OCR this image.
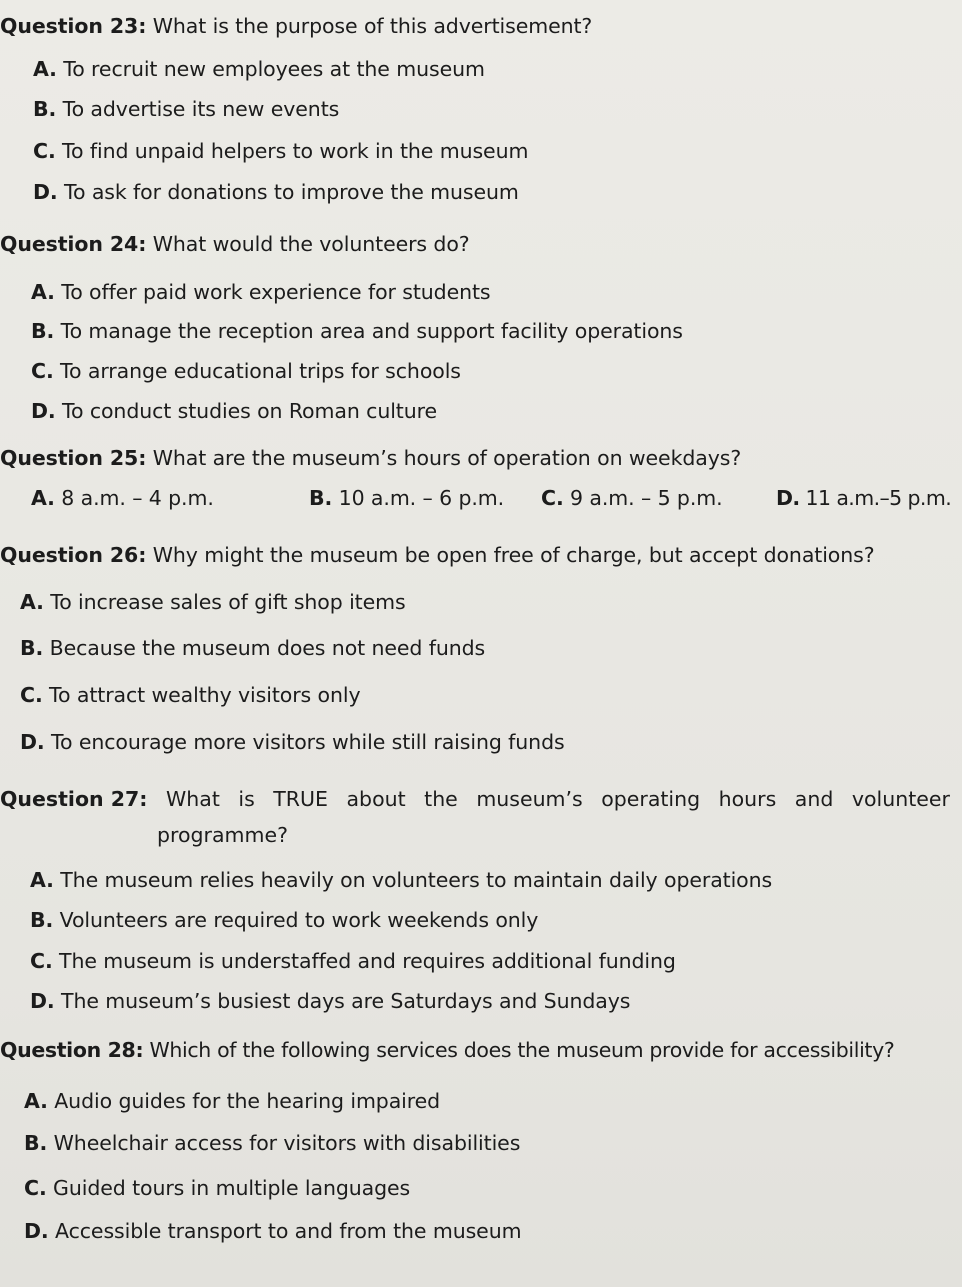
Question 23: What is the purpose of this advertisement?
A. To recruit new employees at the museum
B. To advertise its new events
C. To find unpaid helpers to work in the museum
D. To ask for donations to improve the museum
Question 24: What would the volunteers do?
A. To offer paid work experience for students
B. To manage the reception area and support facility operations
C. To arrange educational trips for schools
D. To conduct studies on Roman culture
Question 25: What are the museum’s hours of operation on weekdays?
A. 8 a.m. – 4 p.m.	B. 10 a.m. – 6 p.m. C. 9 a.m. – 5 p.m.	D. 11 a.m.–5 p.m.
Question 26: Why might the museum be open free of charge, but accept donations?
A. To increase sales of gift shop items
B. Because the museum does not need funds
C. To attract wealthy visitors only
D. To encourage more visitors while still raising funds
Question 27: What is TRUE about the museum’s operating hours and volunteer
programme?
A. The museum relies heavily on volunteers to maintain daily operations
B. Volunteers are required to work weekends only
C. The museum is understaffed and requires additional funding
D. The museum’s busiest days are Saturdays and Sundays
Question 28: Which of the following services does the museum provide for accessibility?
A. Audio guides for the hearing impaired
B. Wheelchair access for visitors with disabilities
C. Guided tours in multiple languages
D. Accessible transport to and from the museum
